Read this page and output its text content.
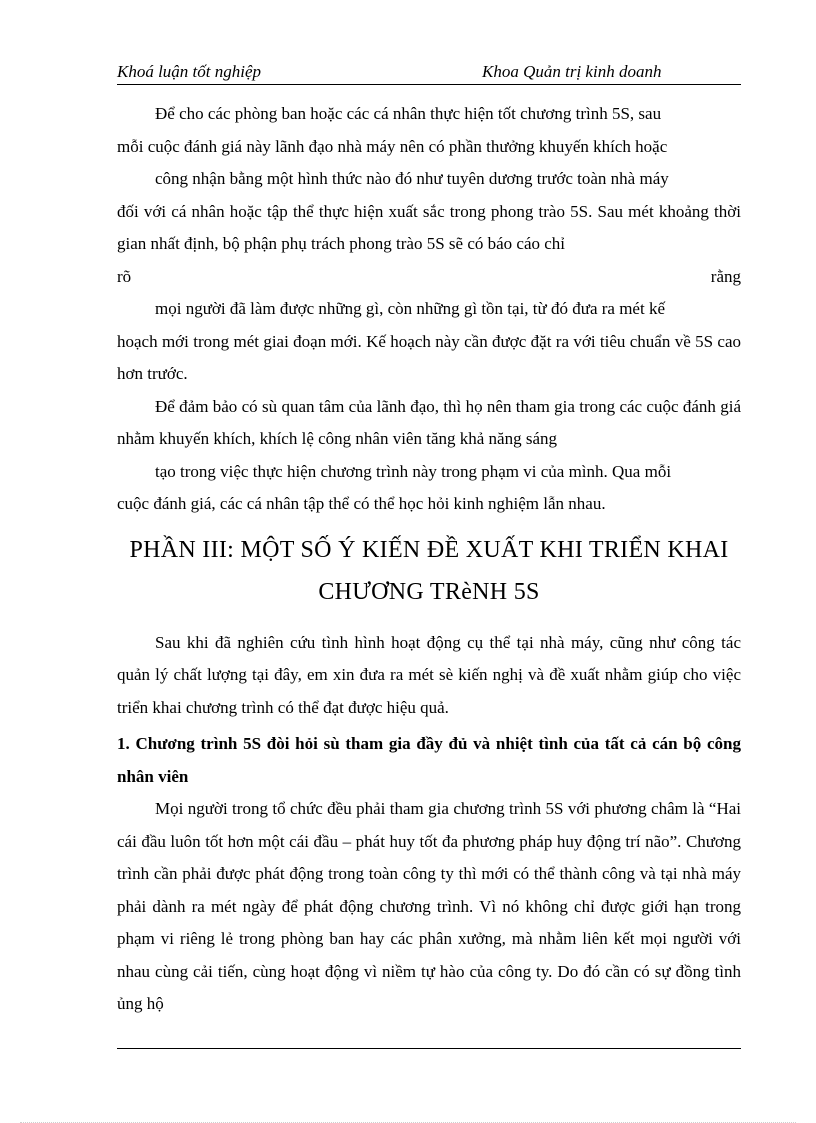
Khoá luận tốt nghiệp	Khoa Quản trị kinh doanh

Để cho các phòng ban hoặc các cá nhân thực hiện tốt chương trình 5S, sau

mỗi cuộc đánh giá này lãnh đạo nhà máy nên có phần thưởng khuyến khích hoặc

công nhận bằng một hình thức nào đó như tuyên dương trước toàn nhà máy

đối với cá nhân hoặc tập thể thực hiện xuất sắc trong phong trào 5S. Sau mét khoảng thời gian nhất định, bộ phận phụ trách phong trào 5S sẽ có báo cáo chỉ

rõ	rằng

mọi người đã làm được những gì, còn những gì tồn tại, từ đó đưa ra mét kế

hoạch mới trong mét giai đoạn mới. Kế hoạch này cần được đặt ra với tiêu chuẩn về 5S cao hơn trước.

Để đảm bảo có sù quan tâm của lãnh đạo, thì họ nên tham gia trong các cuộc đánh giá nhằm khuyến khích, khích lệ công nhân viên tăng khả năng sáng

tạo trong việc thực hiện chương trình này trong phạm vi của mình. Qua mỗi

cuộc đánh giá, các cá nhân tập thể có thể học hỏi kinh nghiệm lẫn nhau.

PHẦN III: MỘT SỐ Ý KIẾN ĐỀ XUẤT KHI TRIỂN KHAI
CHƯƠNG TRèNH 5S

Sau khi đã nghiên cứu tình hình hoạt động cụ thể tại nhà máy, cũng như công tác quản lý chất lượng tại đây, em xin đưa ra mét sè kiến nghị và đề xuất nhằm giúp cho việc triển khai chương trình có thể đạt được hiệu quả.

1. Chương trình 5S đòi hỏi sù tham gia đầy đủ và nhiệt tình của tất cả cán bộ công nhân viên

Mọi người trong tổ chức đều phải tham gia chương trình 5S với phương châm là “Hai cái đầu luôn tốt hơn một cái đầu – phát huy tốt đa phương pháp huy động trí não”. Chương trình cần phải được phát động trong toàn công ty thì mới có thể thành công và tại nhà máy phải dành ra mét ngày để phát động chương trình. Vì nó không chỉ được giới hạn trong phạm vi riêng lẻ trong phòng ban hay các phân xưởng, mà nhằm liên kết mọi người với nhau cùng cải tiến, cùng hoạt động vì niềm tự hào của công ty. Do đó cần có sự đồng tình ủng hộ
